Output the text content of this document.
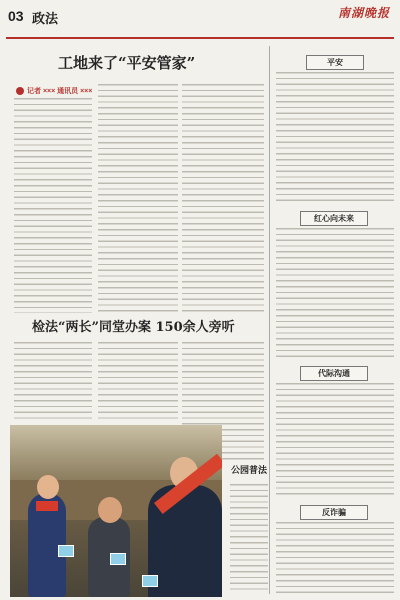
03 政法	南湖晚报
工地来了“平安管家”
记者 ××× 通讯员 ×××
检法“两长”同堂办案 150余人旁听
公园普法
平安
红心向未来
代际沟通
反诈骗
